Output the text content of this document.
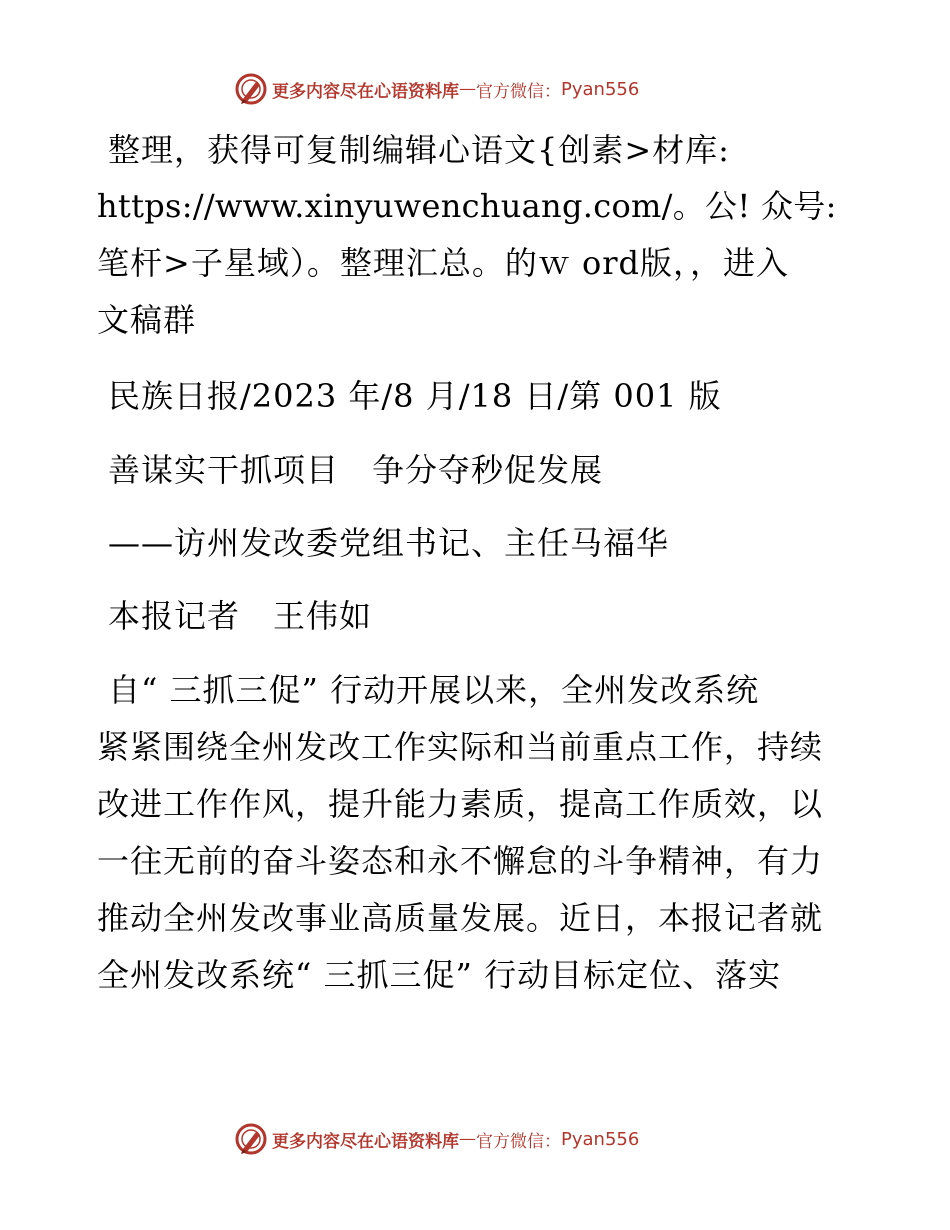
更多内容尽在心语资料库 — 官方微信： Pyan556
整理，获得可复制编辑心语文{创素>材库:
https://www.xinyuwenchuang.com/。公! 众号:
笔杆>子星域）。整理汇总。的ｗ ord版，，进入
文稿群
民族日报/2023 年/8 月/18 日/第 001 版
善谋实干抓项目　争分夺秒促发展
——访州发改委党组书记、主任马福华
本报记者　王伟如
自“ 三抓三促” 行动开展以来，全州发改系统
紧紧围绕全州发改工作实际和当前重点工作，持续
改进工作作风，提升能力素质，提高工作质效，以
一往无前的奋斗姿态和永不懈怠的斗争精神，有力
推动全州发改事业高质量发展。近日，本报记者就
全州发改系统“ 三抓三促” 行动目标定位、落实
更多内容尽在心语资料库 — 官方微信： Pyan556
